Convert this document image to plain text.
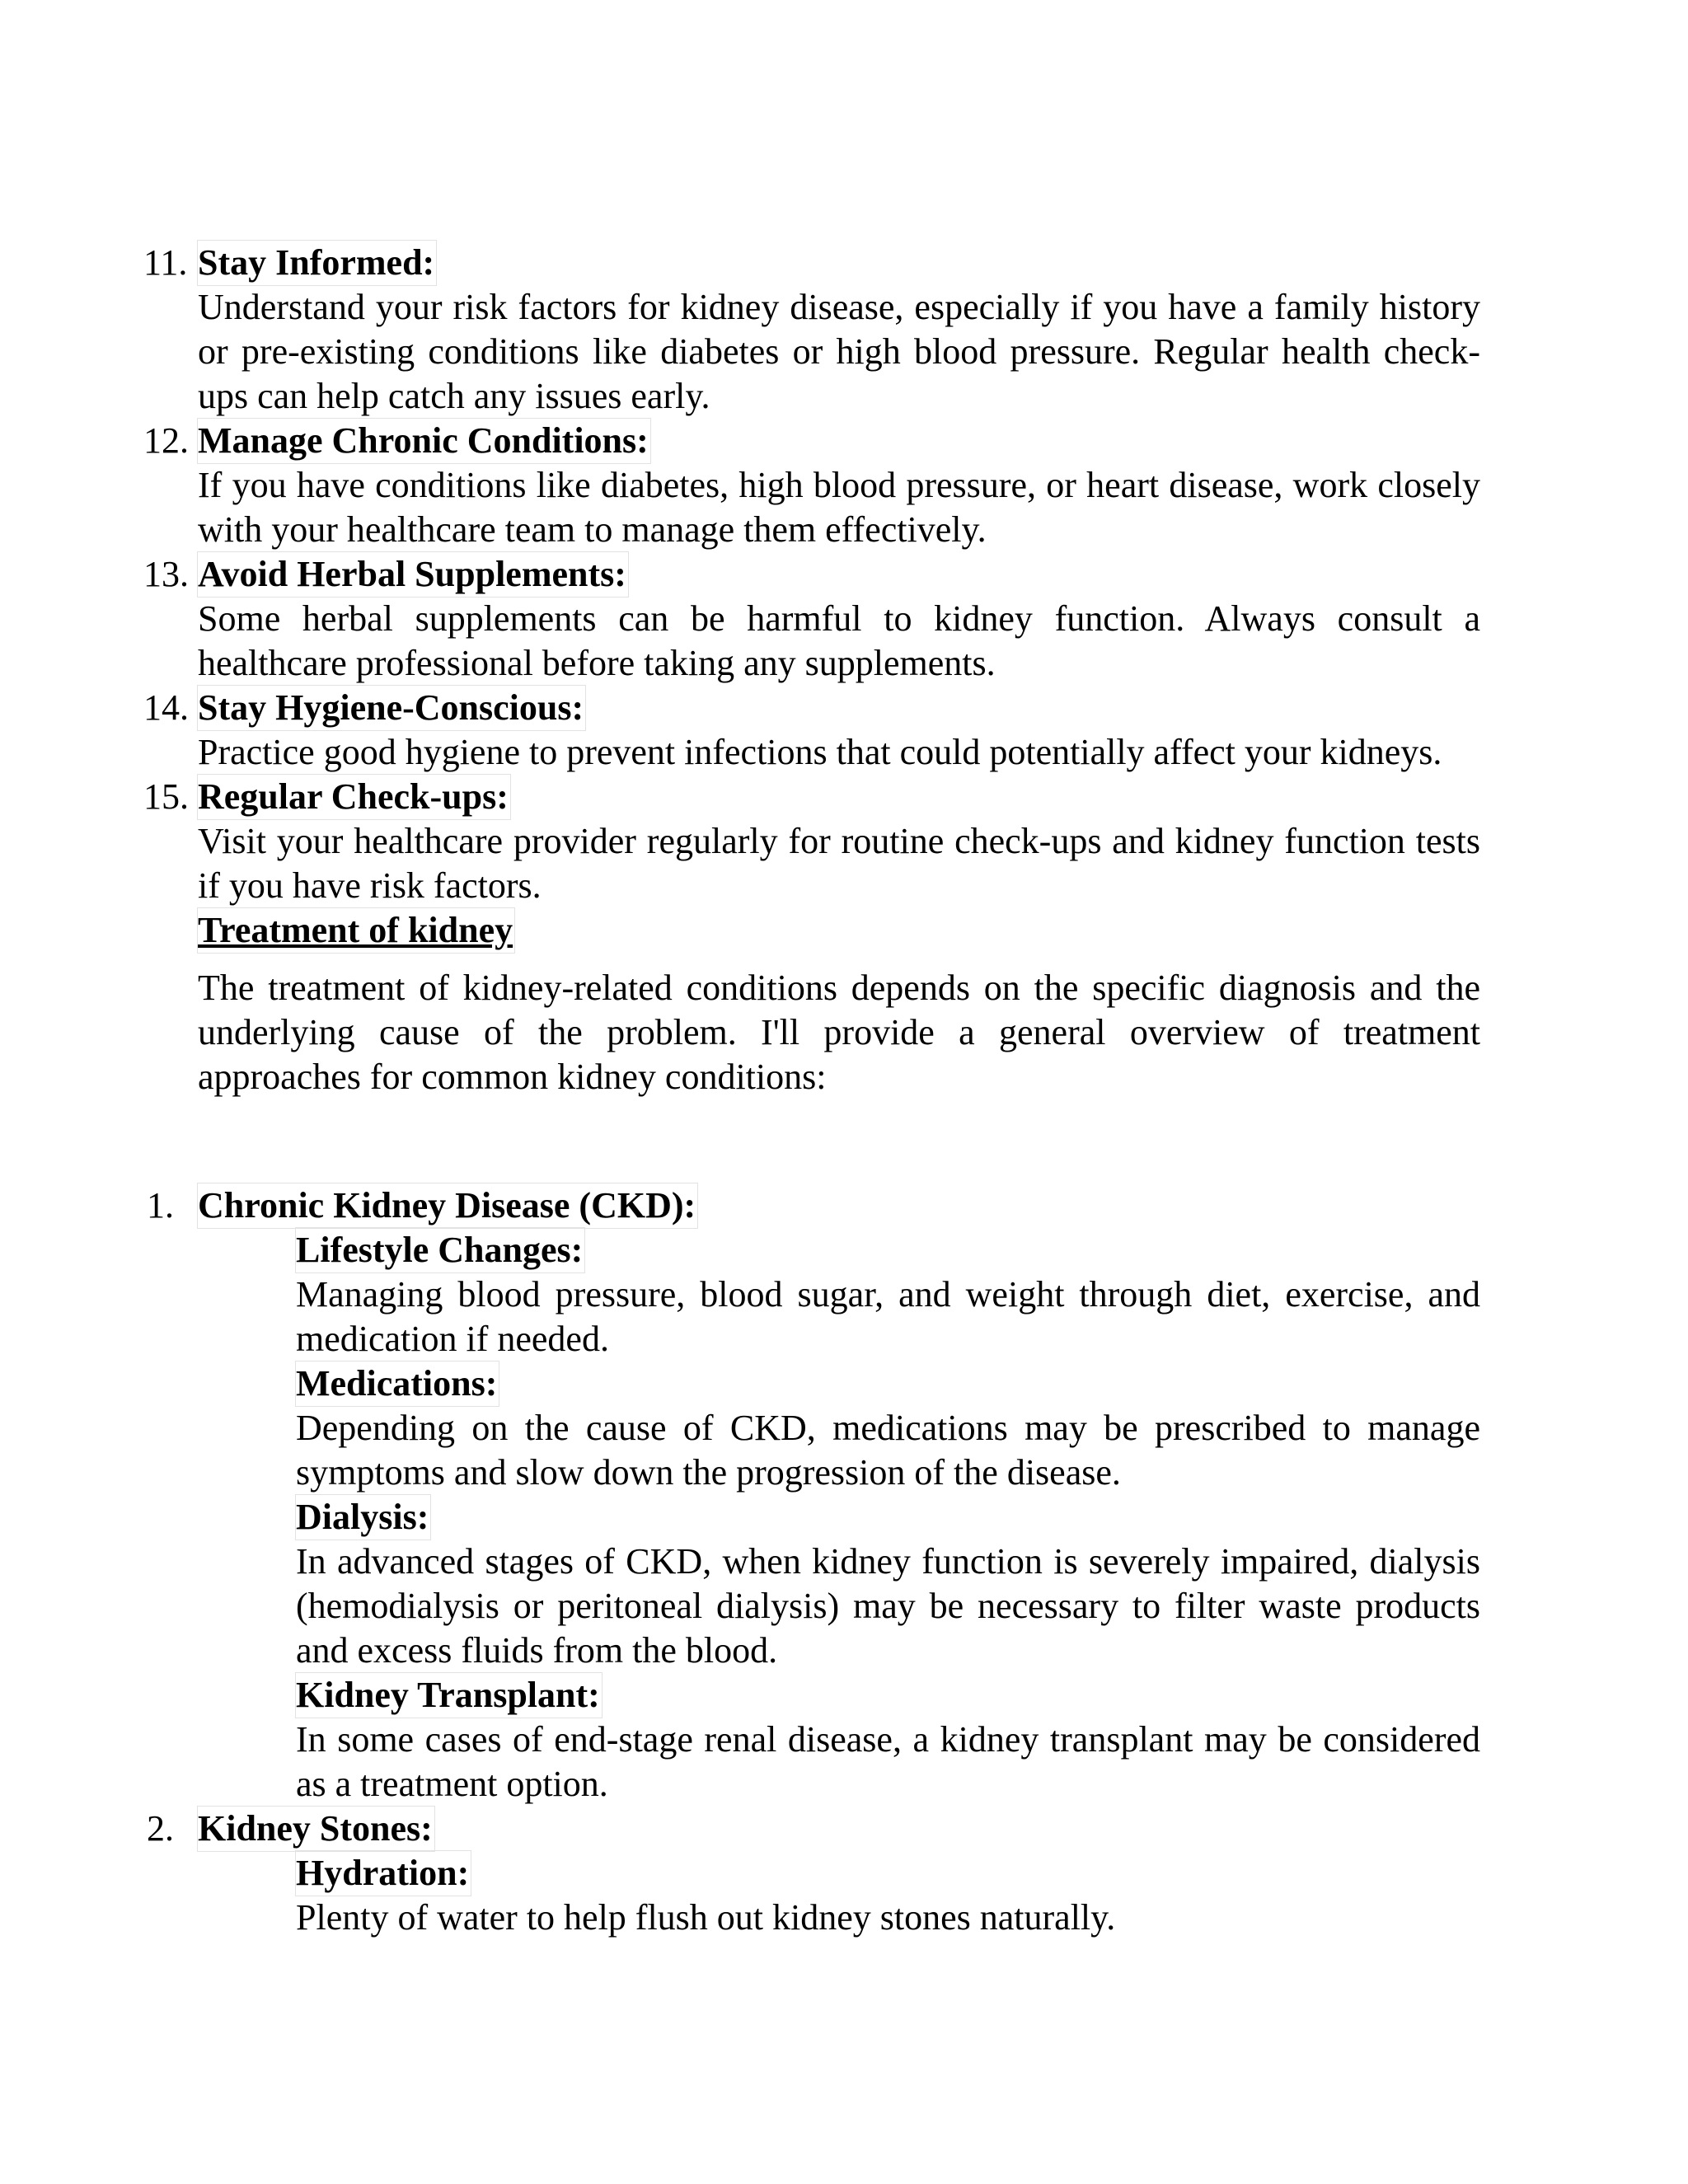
11. Stay Informed:

Understand your risk factors for kidney disease, especially if you have a family history or pre-existing conditions like diabetes or high blood pressure. Regular health check-ups can help catch any issues early.

12. Manage Chronic Conditions:

If you have conditions like diabetes, high blood pressure, or heart disease, work closely with your healthcare team to manage them effectively.

13. Avoid Herbal Supplements:

Some herbal supplements can be harmful to kidney function. Always consult a healthcare professional before taking any supplements.

14. Stay Hygiene-Conscious:

Practice good hygiene to prevent infections that could potentially affect your kidneys.

15. Regular Check-ups:

Visit your healthcare provider regularly for routine check-ups and kidney function tests if you have risk factors.

Treatment of kidney

The treatment of kidney-related conditions depends on the specific diagnosis and the underlying cause of the problem. I'll provide a general overview of treatment approaches for common kidney conditions:

1. Chronic Kidney Disease (CKD):
Lifestyle Changes:

Managing blood pressure, blood sugar, and weight through diet, exercise, and medication if needed.

Medications:

Depending on the cause of CKD, medications may be prescribed to manage symptoms and slow down the progression of the disease.

Dialysis:

In advanced stages of CKD, when kidney function is severely impaired, dialysis (hemodialysis or peritoneal dialysis) may be necessary to filter waste products and excess fluids from the blood.

Kidney Transplant:

In some cases of end-stage renal disease, a kidney transplant may be considered as a treatment option.

2. Kidney Stones:
Hydration:

Plenty of water to help flush out kidney stones naturally.
